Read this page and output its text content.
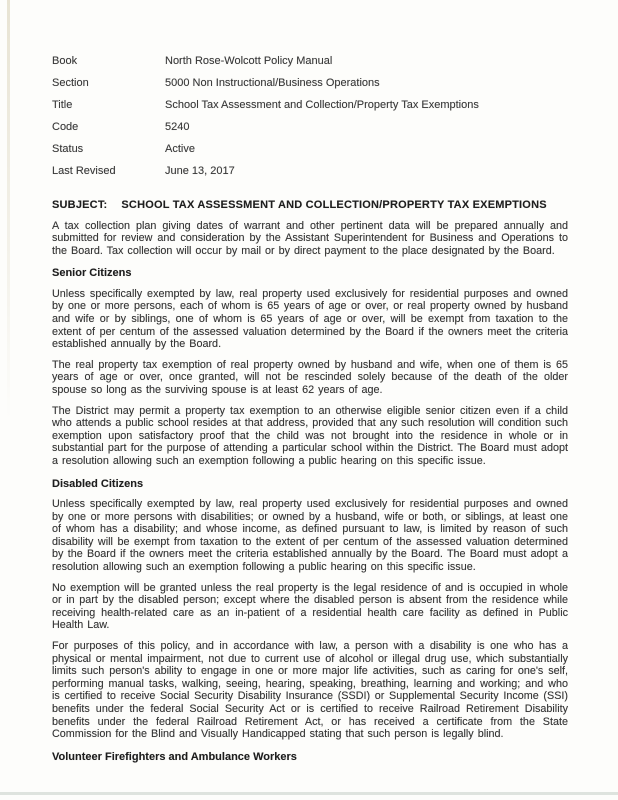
Book	North Rose-Wolcott Policy Manual
Section	5000 Non Instructional/Business Operations
Title	School Tax Assessment and Collection/Property Tax Exemptions
Code	5240
Status	Active
Last Revised	June 13, 2017
SUBJECT: SCHOOL TAX ASSESSMENT AND COLLECTION/PROPERTY TAX EXEMPTIONS

A tax collection plan giving dates of warrant and other pertinent data will be prepared annually and submitted for review and consideration by the Assistant Superintendent for Business and Operations to the Board. Tax collection will occur by mail or by direct payment to the place designated by the Board.

Senior Citizens

Unless specifically exempted by law, real property used exclusively for residential purposes and owned by one or more persons, each of whom is 65 years of age or over, or real property owned by husband and wife or by siblings, one of whom is 65 years of age or over, will be exempt from taxation to the extent of per centum of the assessed valuation determined by the Board if the owners meet the criteria established annually by the Board.

The real property tax exemption of real property owned by husband and wife, when one of them is 65 years of age or over, once granted, will not be rescinded solely because of the death of the older spouse so long as the surviving spouse is at least 62 years of age.

The District may permit a property tax exemption to an otherwise eligible senior citizen even if a child who attends a public school resides at that address, provided that any such resolution will condition such exemption upon satisfactory proof that the child was not brought into the residence in whole or in substantial part for the purpose of attending a particular school within the District. The Board must adopt a resolution allowing such an exemption following a public hearing on this specific issue.

Disabled Citizens

Unless specifically exempted by law, real property used exclusively for residential purposes and owned by one or more persons with disabilities; or owned by a husband, wife or both, or siblings, at least one of whom has a disability; and whose income, as defined pursuant to law, is limited by reason of such disability will be exempt from taxation to the extent of per centum of the assessed valuation determined by the Board if the owners meet the criteria established annually by the Board. The Board must adopt a resolution allowing such an exemption following a public hearing on this specific issue.

No exemption will be granted unless the real property is the legal residence of and is occupied in whole or in part by the disabled person; except where the disabled person is absent from the residence while receiving health-related care as an in-patient of a residential health care facility as defined in Public Health Law.

For purposes of this policy, and in accordance with law, a person with a disability is one who has a physical or mental impairment, not due to current use of alcohol or illegal drug use, which substantially limits such person's ability to engage in one or more major life activities, such as caring for one's self, performing manual tasks, walking, seeing, hearing, speaking, breathing, learning and working; and who is certified to receive Social Security Disability Insurance (SSDI) or Supplemental Security Income (SSI) benefits under the federal Social Security Act or is certified to receive Railroad Retirement Disability benefits under the federal Railroad Retirement Act, or has received a certificate from the State Commission for the Blind and Visually Handicapped stating that such person is legally blind.

Volunteer Firefighters and Ambulance Workers
